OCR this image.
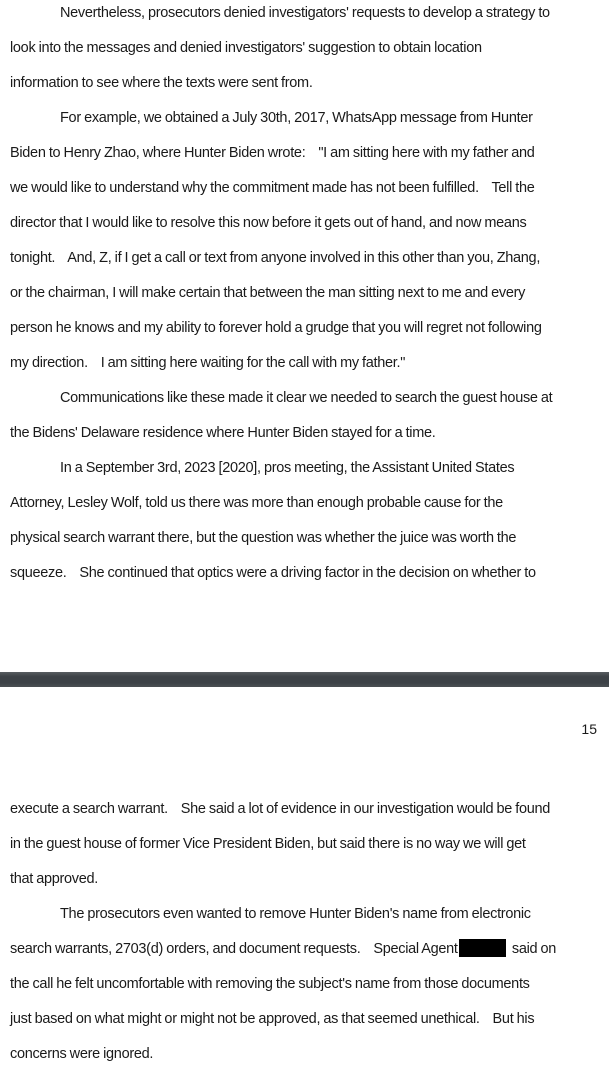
Nevertheless, prosecutors denied investigators' requests to develop a strategy to
look into the messages and denied investigators' suggestion to obtain location
information to see where the texts were sent from.
For example, we obtained a July 30th, 2017, WhatsApp message from Hunter
Biden to Henry Zhao, where Hunter Biden wrote:    "I am sitting here with my father and
we would like to understand why the commitment made has not been fulfilled.    Tell the
director that I would like to resolve this now before it gets out of hand, and now means
tonight.    And, Z, if I get a call or text from anyone involved in this other than you, Zhang,
or the chairman, I will make certain that between the man sitting next to me and every
person he knows and my ability to forever hold a grudge that you will regret not following
my direction.    I am sitting here waiting for the call with my father."
Communications like these made it clear we needed to search the guest house at
the Bidens' Delaware residence where Hunter Biden stayed for a time.
In a September 3rd, 2023 [2020], pros meeting, the Assistant United States
Attorney, Lesley Wolf, told us there was more than enough probable cause for the
physical search warrant there, but the question was whether the juice was worth the
squeeze.    She continued that optics were a driving factor in the decision on whether to
15
execute a search warrant.    She said a lot of evidence in our investigation would be found
in the guest house of former Vice President Biden, but said there is no way we will get
that approved.
The prosecutors even wanted to remove Hunter Biden's name from electronic
search warrants, 2703(d) orders, and document requests.    Special Agent	said on
the call he felt uncomfortable with removing the subject's name from those documents
just based on what might or might not be approved, as that seemed unethical.    But his
concerns were ignored.
